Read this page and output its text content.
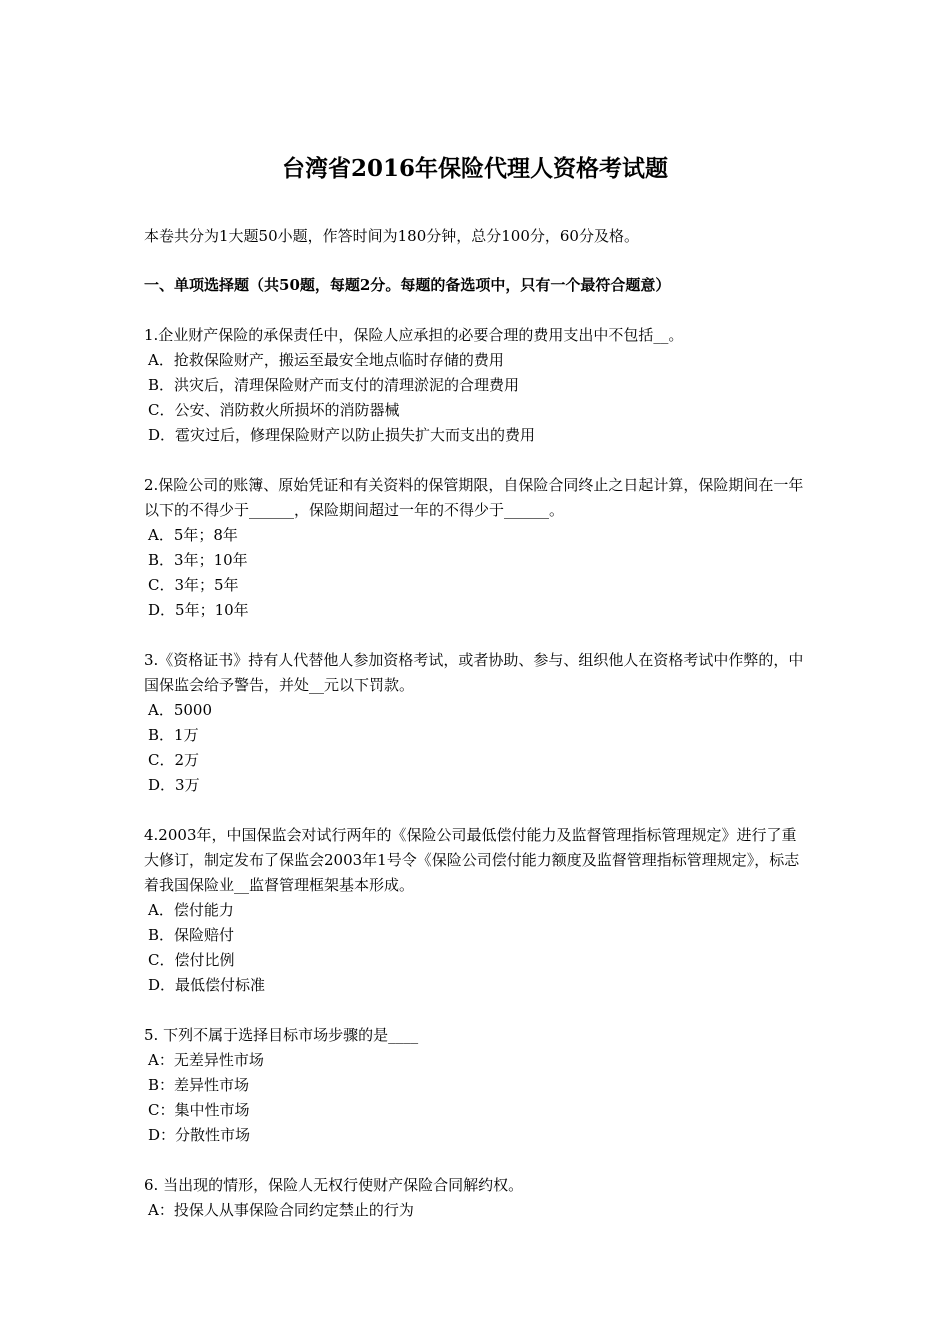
台湾省2016年保险代理人资格考试题
本卷共分为1大题50小题，作答时间为180分钟，总分100分，60分及格。
一、单项选择题（共50题，每题2分。每题的备选项中，只有一个最符合题意）
1.企业财产保险的承保责任中，保险人应承担的必要合理的费用支出中不包括__。
A．抢救保险财产，搬运至最安全地点临时存储的费用
B．洪灾后，清理保险财产而支付的清理淤泥的合理费用
C．公安、消防救火所损坏的消防器械
D．雹灾过后，修理保险财产以防止损失扩大而支出的费用
2.保险公司的账簿、原始凭证和有关资料的保管期限，自保险合同终止之日起计算，保险期间在一年以下的不得少于______，保险期间超过一年的不得少于______。
A．5年；8年
B．3年；10年
C．3年；5年
D．5年；10年
3.《资格证书》持有人代替他人参加资格考试，或者协助、参与、组织他人在资格考试中作弊的，中国保监会给予警告，并处__元以下罚款。
A．5000
B．1万
C．2万
D．3万
4.2003年，中国保监会对试行两年的《保险公司最低偿付能力及监督管理指标管理规定》进行了重大修订，制定发布了保监会2003年1号令《保险公司偿付能力额度及监督管理指标管理规定》，标志着我国保险业__监督管理框架基本形成。
A．偿付能力
B．保险赔付
C．偿付比例
D．最低偿付标准
5. 下列不属于选择目标市场步骤的是____
A：无差异性市场
B：差异性市场
C：集中性市场
D：分散性市场
6. 当出现的情形，保险人无权行使财产保险合同解约权。
A：投保人从事保险合同约定禁止的行为
